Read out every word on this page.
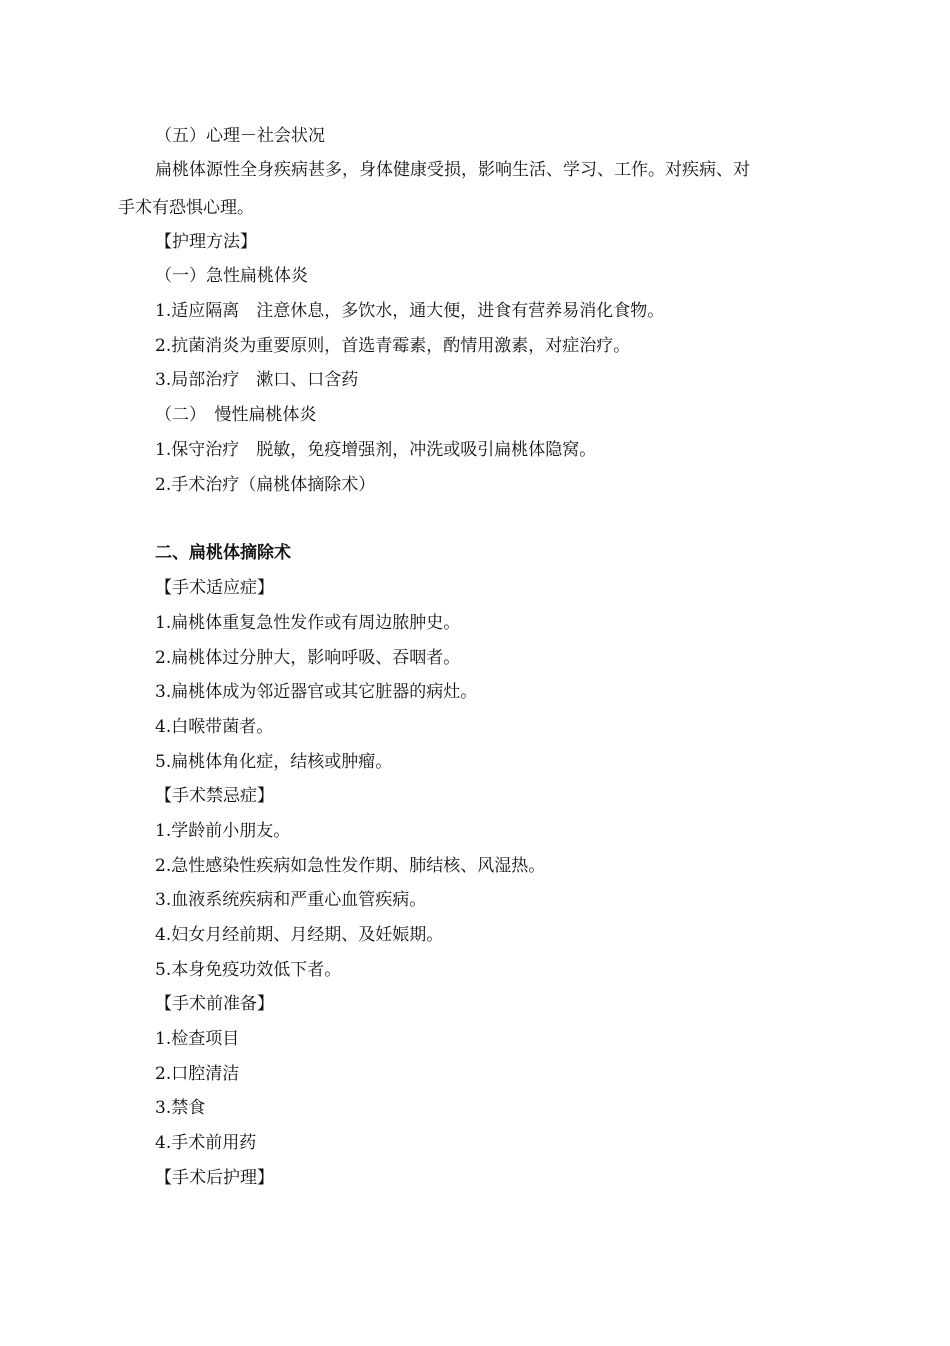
（五）心理－社会状况
扁桃体源性全身疾病甚多，身体健康受损，影响生活、学习、工作。对疾病、对
手术有恐惧心理。
【护理方法】
（一）急性扁桃体炎
1.适应隔离　注意休息，多饮水，通大便，进食有营养易消化食物。
2.抗菌消炎为重要原则，首选青霉素，酌情用激素，对症治疗。
3.局部治疗　漱口、口含药
（二）　慢性扁桃体炎
1.保守治疗　脱敏，免疫增强剂，冲洗或吸引扁桃体隐窝。
2.手术治疗（扁桃体摘除术）
二、扁桃体摘除术
【手术适应症】
1.扁桃体重复急性发作或有周边脓肿史。
2.扁桃体过分肿大，影响呼吸、吞咽者。
3.扁桃体成为邻近器官或其它脏器的病灶。
4.白喉带菌者。
5.扁桃体角化症，结核或肿瘤。
【手术禁忌症】
1.学龄前小朋友。
2.急性感染性疾病如急性发作期、肺结核、风湿热。
3.血液系统疾病和严重心血管疾病。
4.妇女月经前期、月经期、及妊娠期。
5.本身免疫功效低下者。
【手术前准备】
1.检查项目
2.口腔清洁
3.禁食
4.手术前用药
【手术后护理】
